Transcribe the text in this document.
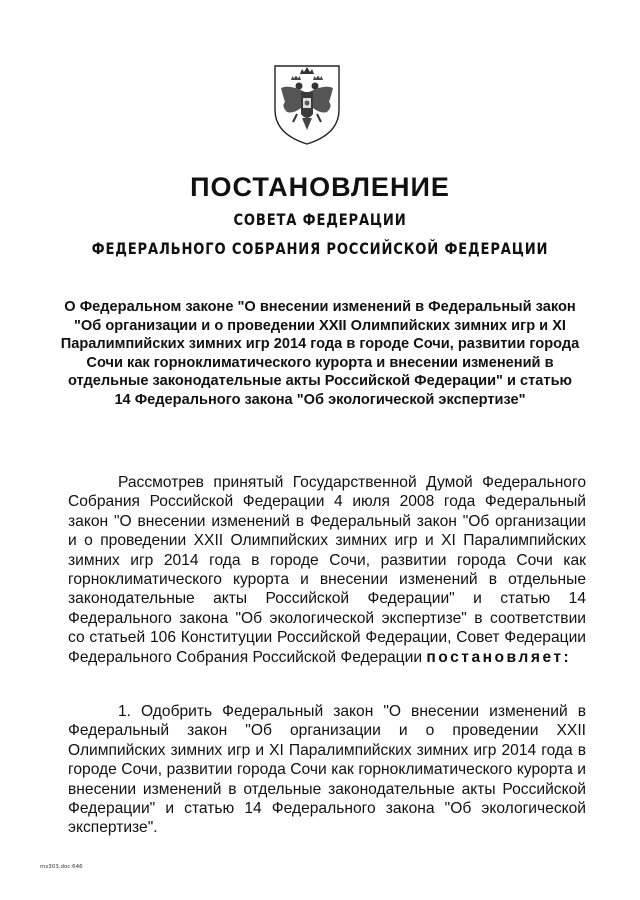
ПОСТАНОВЛЕНИЕ
СОВЕТА ФЕДЕРАЦИИ
ФЕДЕРАЛЬНОГО СОБРАНИЯ РОССИЙСКОЙ ФЕДЕРАЦИИ
О Федеральном законе "О внесении изменений в Федеральный закон "Об организации и о проведении XXII Олимпийских зимних игр и XI Паралимпийских зимних игр 2014 года в городе Сочи, развитии города Сочи как горноклиматического курорта и внесении изменений в отдельные законодательные акты Российской Федерации" и статью 14 Федерального закона "Об экологической экспертизе"
Рассмотрев принятый Государственной Думой Федерального Собрания Российской Федерации 4 июля 2008 года Федеральный закон "О внесении изменений в Федеральный закон "Об организации и о проведении XXII Олимпийских зимних игр и XI Паралимпийских зимних игр 2014 года в городе Сочи, развитии города Сочи как горноклиматического курорта и внесении изменений в отдельные законодательные акты Российской Федерации" и статью 14 Федерального закона "Об экологической экспертизе" в соответствии со статьей 106 Конституции Российской Федерации, Совет Федерации Федерального Собрания Российской Федерации постановляет:
1. Одобрить Федеральный закон "О внесении изменений в Федеральный закон "Об организации и о проведении XXII Олимпийских зимних игр и XI Паралимпийских зимних игр 2014 года в городе Сочи, развитии города Сочи как горноклиматического курорта и внесении изменений в отдельные законодательные акты Российской Федерации" и статью 14 Федерального закона "Об экологической экспертизе".
ms303.doc 646
